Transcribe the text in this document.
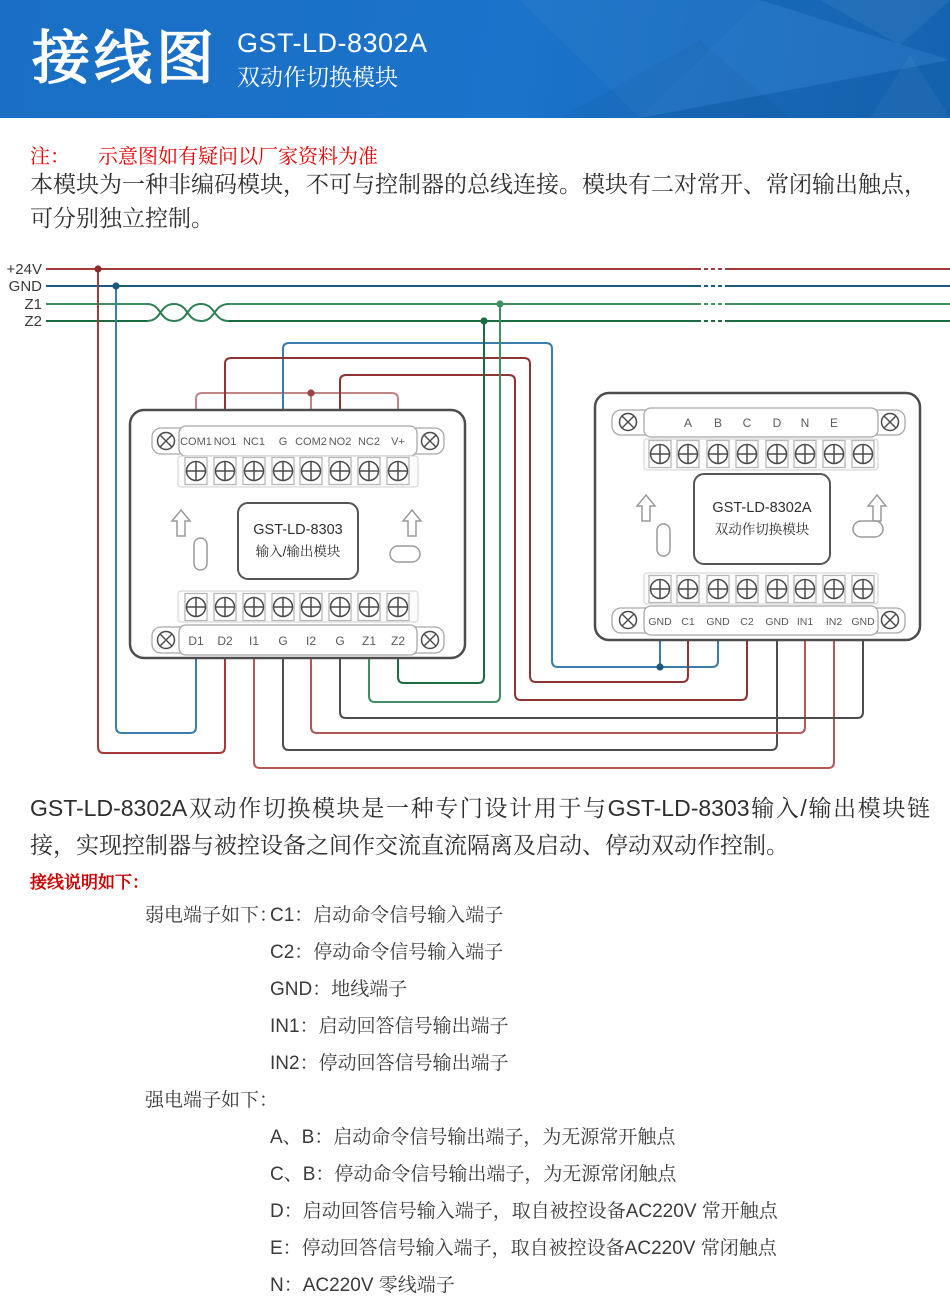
接线图 GST-LD-8302A
双动作切换模块
注： 示意图如有疑问以厂家资料为准
本模块为一种非编码模块，不可与控制器的总线连接。模块有二对常开、常闭输出触点，可分别独立控制。
+24V
GND
Z1
Z2
COM1 NO1 NC1 G COM2 NO2 NC2 V+
GST-LD-8303
输入/输出模块
D1 D2 I1 G I2 G Z1 Z2
A B C D N E
GST-LD-8302A
双动作切换模块
GND C1 GND C2 GND IN1 IN2 GND
GST-LD-8302A双动作切换模块是一种专门设计用于与GST-LD-8303输入/输出模块链接，实现控制器与被控设备之间作交流直流隔离及启动、停动双动作控制。
接线说明如下：
弱电端子如下：
C1：启动命令信号输入端子
C2：停动命令信号输入端子
GND：地线端子
IN1：启动回答信号输出端子
IN2：停动回答信号输出端子
强电端子如下：
A、B：启动命令信号输出端子，为无源常开触点
C、B：停动命令信号输出端子，为无源常闭触点
D：启动回答信号输入端子，取自被控设备AC220V 常开触点
E：停动回答信号输入端子，取自被控设备AC220V 常闭触点
N：AC220V 零线端子
